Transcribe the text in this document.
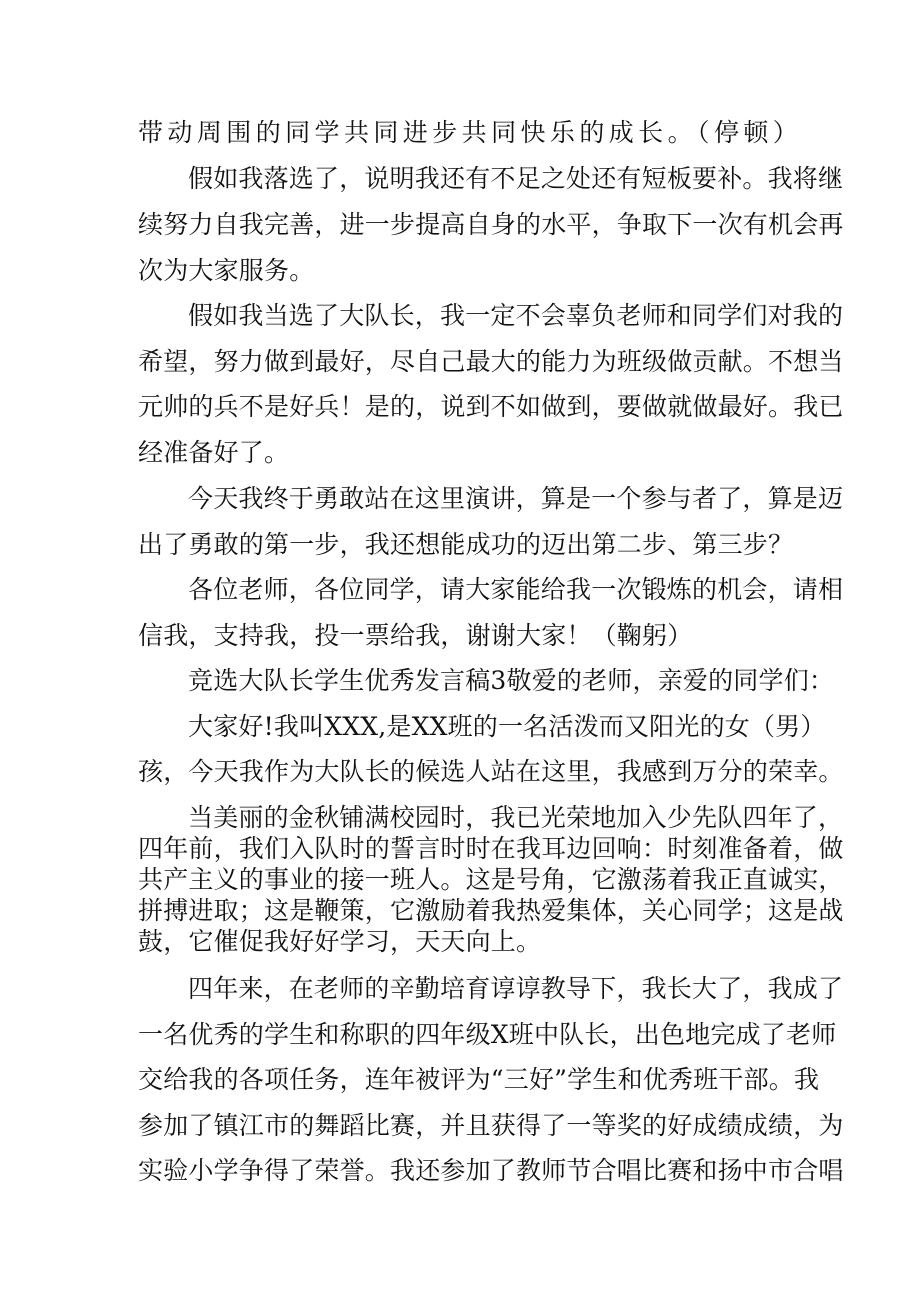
带动周围的同学共同进步共同快乐的成长。（停顿）
假如我落选了，说明我还有不足之处还有短板要补。我将继
续努力自我完善，进一步提高自身的水平，争取下一次有机会再
次为大家服务。
假如我当选了大队长，我一定不会辜负老师和同学们对我的
希望，努力做到最好，尽自己最大的能力为班级做贡献。不想当
元帅的兵不是好兵！是的，说到不如做到，要做就做最好。我已
经准备好了。
今天我终于勇敢站在这里演讲，算是一个参与者了，算是迈
出了勇敢的第一步，我还想能成功的迈出第二步、第三步？
各位老师，各位同学，请大家能给我一次锻炼的机会，请相
信我，支持我，投一票给我，谢谢大家！（鞠躬）
竞选大队长学生优秀发言稿3敬爱的老师，亲爱的同学们：
大家好!我叫XXX,是XX班的一名活泼而又阳光的女（男）
孩，今天我作为大队长的候选人站在这里，我感到万分的荣幸。
当美丽的金秋铺满校园时，我已光荣地加入少先队四年了，
四年前，我们入队时的誓言时时在我耳边回响：时刻准备着，做
共产主义的事业的接一班人。这是号角，它激荡着我正直诚实，
拼搏进取；这是鞭策，它激励着我热爱集体，关心同学；这是战
鼓，它催促我好好学习，天天向上。
四年来，在老师的辛勤培育谆谆教导下，我长大了，我成了
一名优秀的学生和称职的四年级X班中队长，出色地完成了老师
交给我的各项任务，连年被评为“三好”学生和优秀班干部。我
参加了镇江市的舞蹈比赛，并且获得了一等奖的好成绩成绩，为
实验小学争得了荣誉。我还参加了教师节合唱比赛和扬中市合唱
